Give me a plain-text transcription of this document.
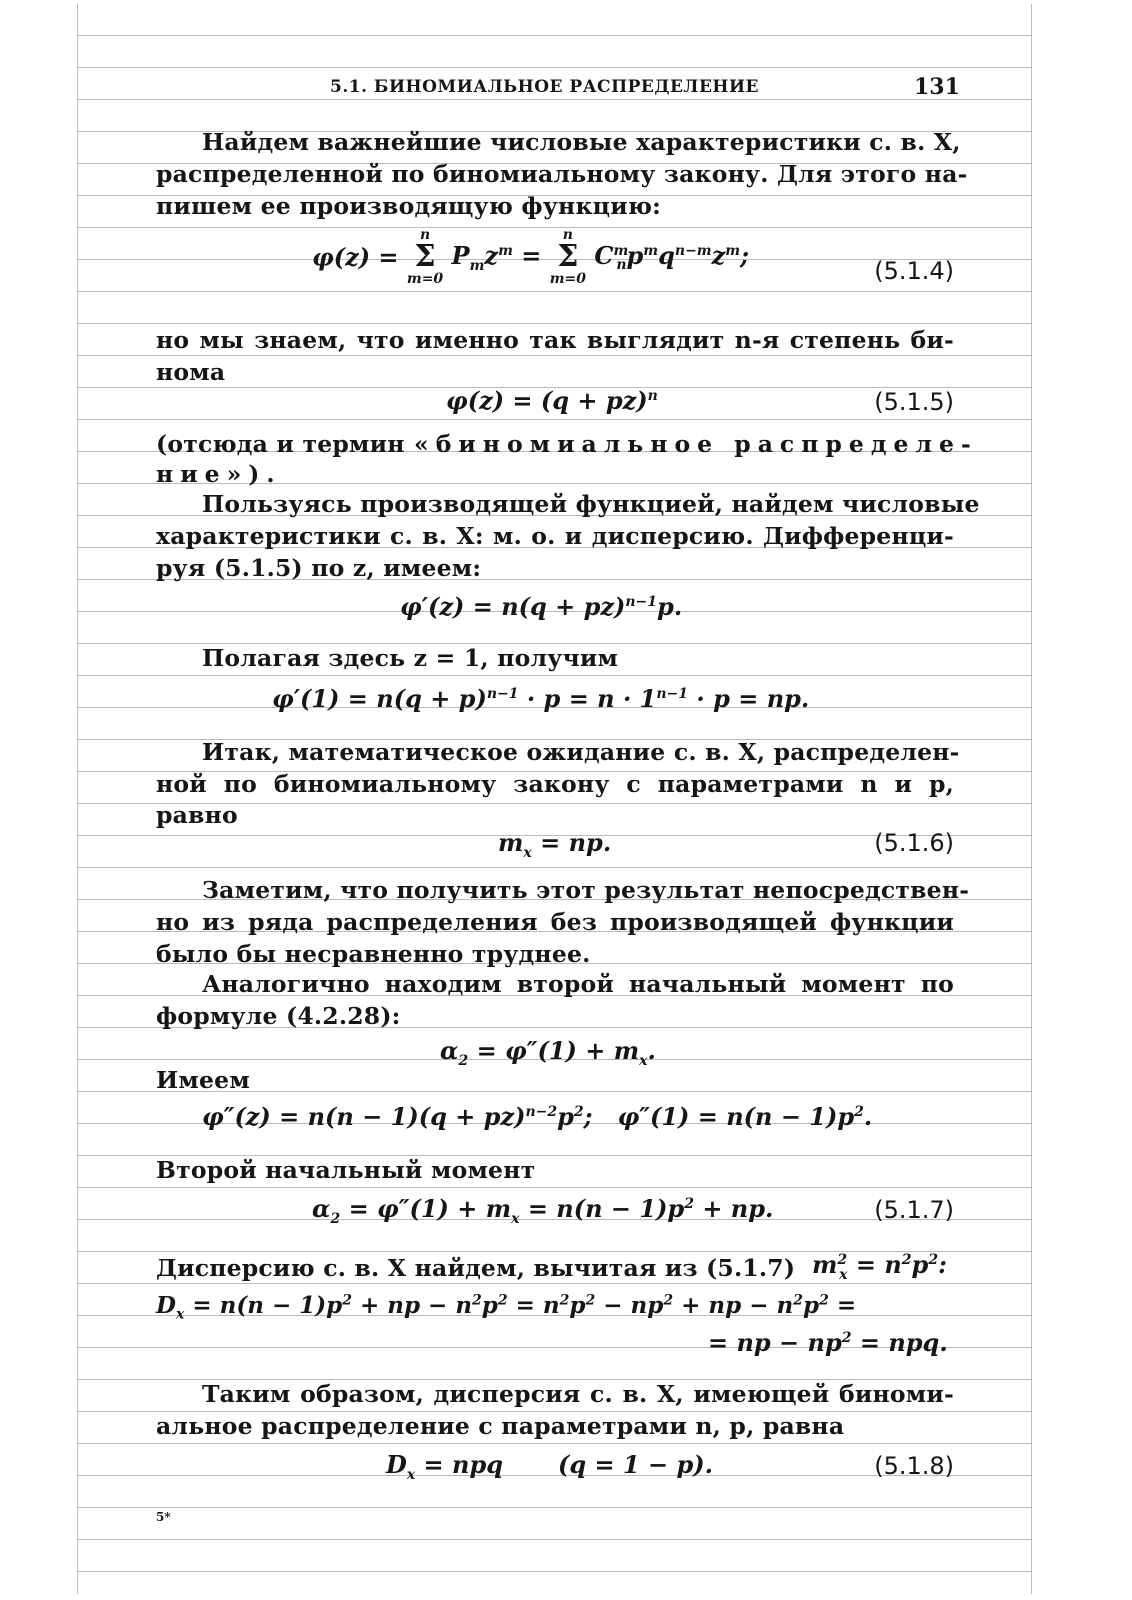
5.1. БИНОМИАЛЬНОЕ РАСПРЕДЕЛЕНИЕ	131
Найдем важнейшие числовые характеристики с. в. X,
распределенной по биномиальному закону. Для этого на-
пишем ее производящую функцию:
φ(z) =
n
Σ
m=0
$P_mz^m$ =
n
Σ
m=0
$C^m_np^mq^{n-m}z^m$;
(5.1.4)
но мы знаем, что именно так выглядит n-я степень би-
нома
φ(z) = (q + pz)$^n$	(5.1.5)
(отсюда и термин «биномиальное распределе-
ние»).
Пользуясь производящей функцией, найдем числовые
характеристики с. в. X: м. о. и дисперсию. Дифференци-
руя (5.1.5) по z, имеем:
φ′(z) = n(q + pz)$^{n-1}$p.
Полагая здесь z = 1, получим
$\varphi'(1) = n(q + p)^{n-1} \cdot p = n \cdot 1^{n-1} \cdot p$ = np.
Итак, математическое ожидание с. в. X, распределен-
ной по биномиальному закону с параметрами n и p,
равно
$m_x$ = np.	(5.1.6)
Заметим, что получить этот результат непосредствен-
но из ряда распределения без производящей функции
было бы несравненно труднее.
Аналогично находим второй начальный момент по
формуле (4.2.28):
$\alpha_2 = \varphi''(1) + m_x$.
Имеем
$\varphi''(z) = n(n - 1)(q + pz)^{n-2}p^2$;   $\varphi''(1) = n(n - 1)p^2$.
Второй начальный момент
$\alpha_2 = \varphi''(1) + m_x = n(n - 1)p^2$ + np.	(5.1.7)
Дисперсию с. в. X найдем, вычитая из (5.1.7) $m^2_x = n^2p^2$:
$D_x = n(n - 1)p^2$ + np − $n^2p^2 = n^2p^2 - np^2$ + np − $n^2p^2$ =
= np − $np^2$ = npq.
Таким образом, дисперсия с. в. X, имеющей биноми-
альное распределение с параметрами n, p, равна
$D_x$ = npq (q = 1 − p).	(5.1.8)
5*
